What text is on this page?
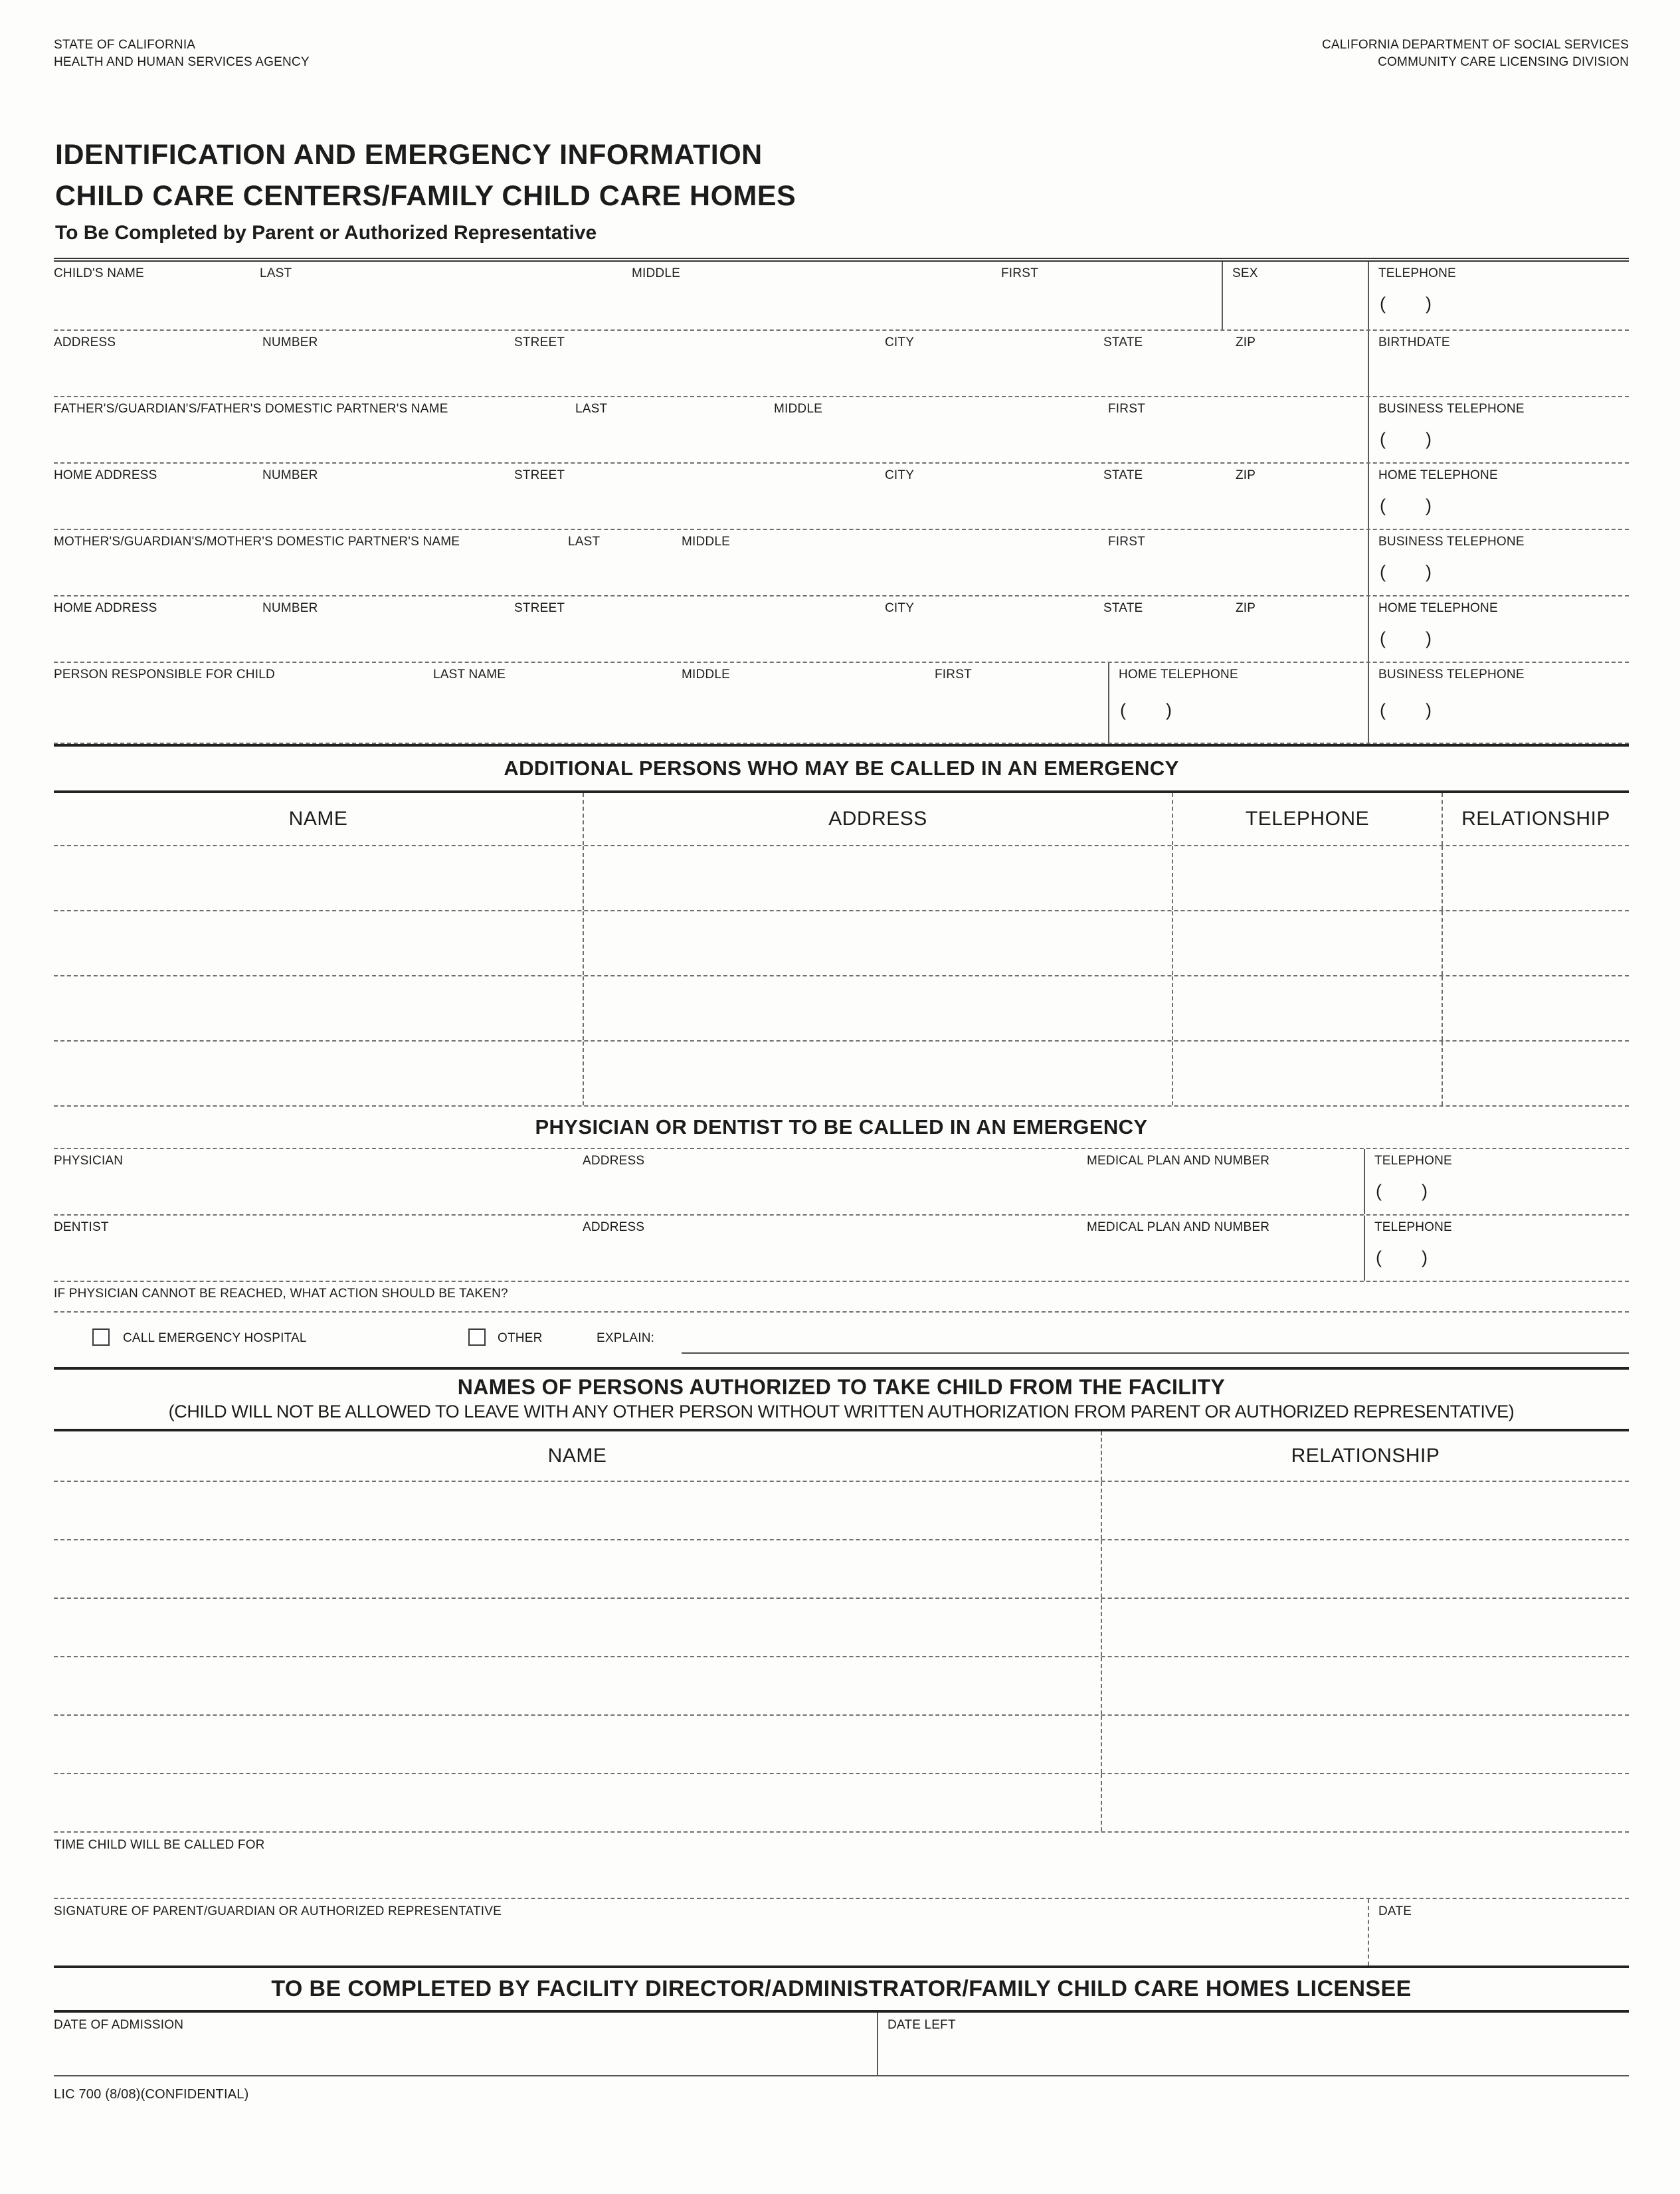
STATE OF CALIFORNIA
HEALTH AND HUMAN SERVICES AGENCY
CALIFORNIA DEPARTMENT OF SOCIAL SERVICES
COMMUNITY CARE LICENSING DIVISION
IDENTIFICATION AND EMERGENCY INFORMATION
CHILD CARE CENTERS/FAMILY CHILD CARE HOMES
To Be Completed by Parent or Authorized Representative
CHILD'S NAME	LAST	MIDDLE	FIRST	SEX	TELEPHONE
(        )
ADDRESS	NUMBER	STREET	CITY	STATE	ZIP	BIRTHDATE
FATHER'S/GUARDIAN'S/FATHER'S DOMESTIC PARTNER'S NAME	LAST	MIDDLE	FIRST	BUSINESS TELEPHONE
(        )
HOME ADDRESS	NUMBER	STREET	CITY	STATE	ZIP	HOME TELEPHONE
(        )
MOTHER'S/GUARDIAN'S/MOTHER'S DOMESTIC PARTNER'S NAME	LAST	MIDDLE	FIRST	BUSINESS TELEPHONE
(        )
HOME ADDRESS	NUMBER	STREET	CITY	STATE	ZIP	HOME TELEPHONE
(        )
PERSON RESPONSIBLE FOR CHILD	LAST NAME	MIDDLE	FIRST	HOME TELEPHONE
(        )
BUSINESS TELEPHONE
(        )
ADDITIONAL PERSONS WHO MAY BE CALLED IN AN EMERGENCY
NAME	ADDRESS	TELEPHONE	RELATIONSHIP
PHYSICIAN OR DENTIST TO BE CALLED IN AN EMERGENCY
PHYSICIAN	ADDRESS	MEDICAL PLAN AND NUMBER	TELEPHONE
(        )
DENTIST	ADDRESS	MEDICAL PLAN AND NUMBER	TELEPHONE
(        )
IF PHYSICIAN CANNOT BE REACHED, WHAT ACTION SHOULD BE TAKEN?
CALL EMERGENCY HOSPITAL	OTHER	EXPLAIN:
NAMES OF PERSONS AUTHORIZED TO TAKE CHILD FROM THE FACILITY
(CHILD WILL NOT BE ALLOWED TO LEAVE WITH ANY OTHER PERSON WITHOUT WRITTEN AUTHORIZATION FROM PARENT OR AUTHORIZED REPRESENTATIVE)
NAME	RELATIONSHIP
TIME CHILD WILL BE CALLED FOR
SIGNATURE OF PARENT/GUARDIAN OR AUTHORIZED REPRESENTATIVE	DATE
TO BE COMPLETED BY FACILITY DIRECTOR/ADMINISTRATOR/FAMILY CHILD CARE HOMES LICENSEE
DATE OF ADMISSION	DATE LEFT
LIC 700 (8/08)(CONFIDENTIAL)
